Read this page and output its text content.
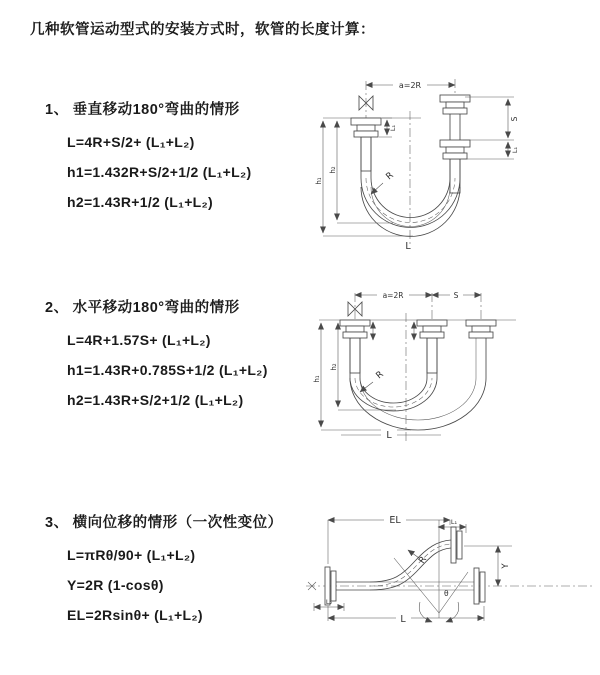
几种软管运动型式的安装方式时，软管的长度计算：
1、 垂直移动180°弯曲的情形
L=4R+S/2+ (L₁+L₂)
h1=1.432R+S/2+1/2 (L₁+L₂)
h2=1.43R+1/2 (L₁+L₂)
a=2R
h₁
h₂
S
L₁
L₁
R
L
2、 水平移动180°弯曲的情形
L=4R+1.57S+ (L₁+L₂)
h1=1.43R+0.785S+1/2 (L₁+L₂)
h2=1.43R+S/2+1/2 (L₁+L₂)
a=2R	S
h₁
h₂
R
L
3、 横向位移的情形（一次性变位）
L=πRθ/90+ (L₁+L₂)
Y=2R (1-cosθ)
EL=2Rsinθ+ (L₁+L₂)
θ
EL	L₁
Y
R
L₂
L
